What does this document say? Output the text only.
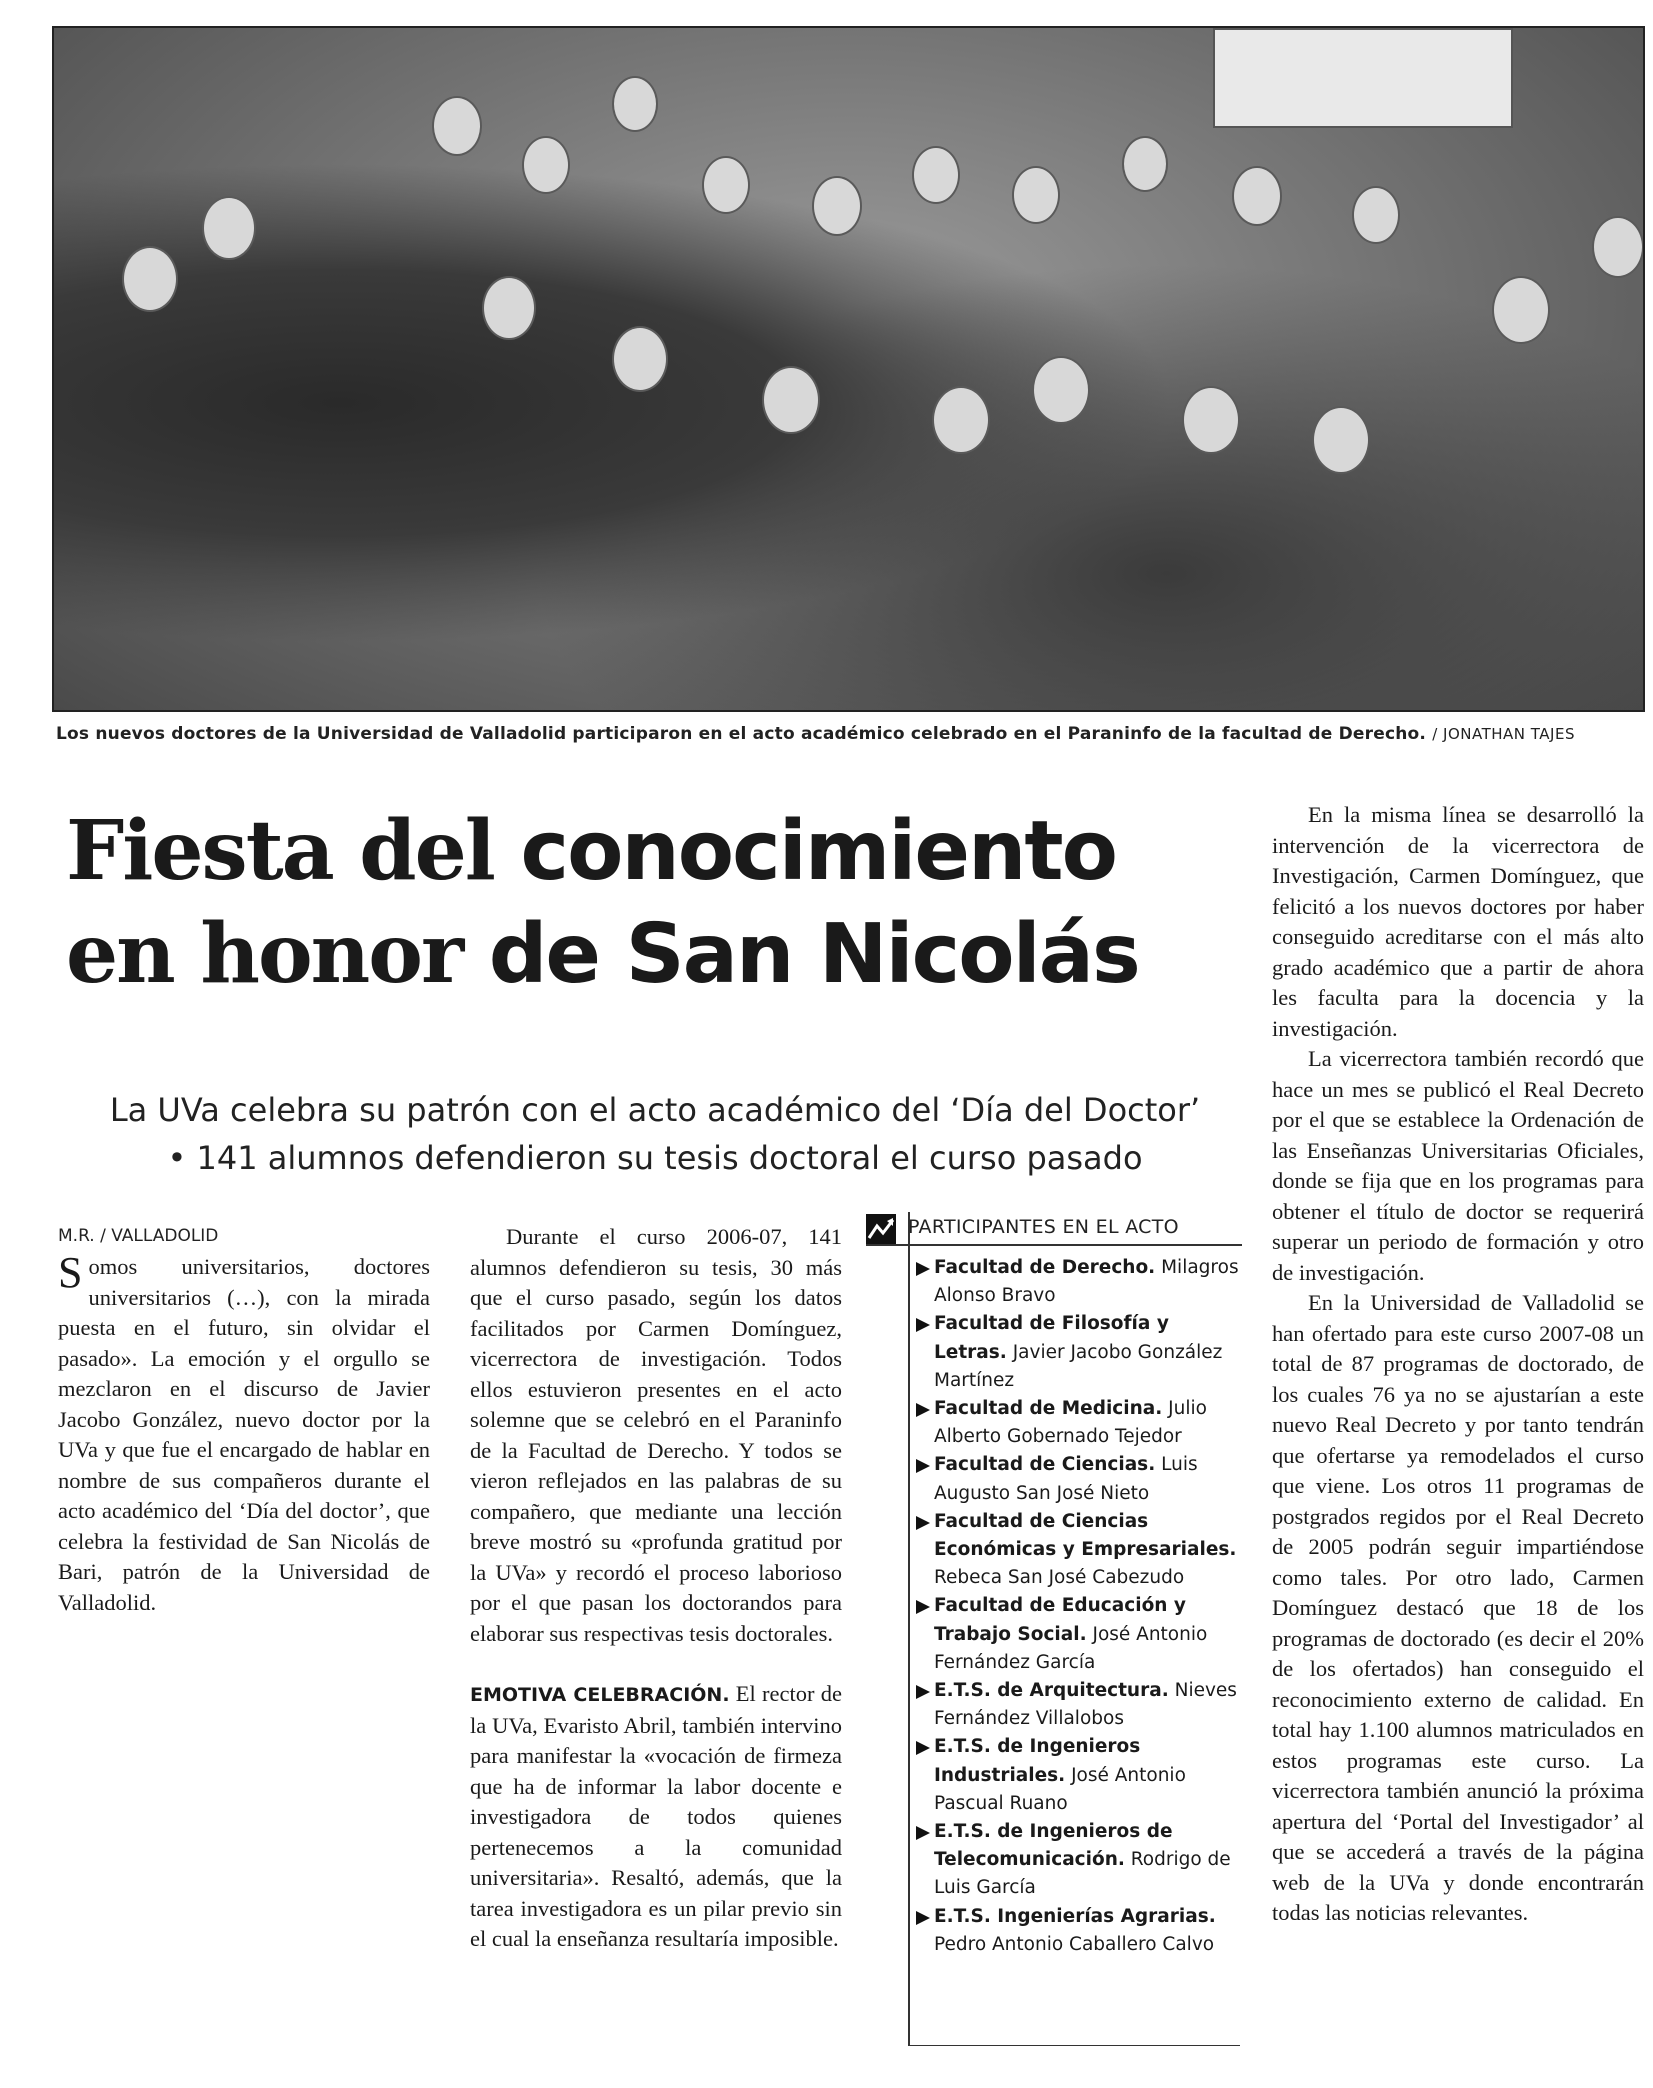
Los nuevos doctores de la Universidad de Valladolid participaron en el acto académico celebrado en el Paraninfo de la facultad de Derecho. / JONATHAN TAJES
Fiesta del conocimiento
en honor de San Nicolás
La UVa celebra su patrón con el acto académico del ‘Día del Doctor’
• 141 alumnos defendieron su tesis doctoral el curso pasado
M.R. / VALLADOLID

Somos universitarios, doctores universitarios (…), con la mirada puesta en el futuro, sin olvidar el pasado». La emoción y el orgullo se mezclaron en el discurso de Javier Jacobo González, nuevo doctor por la UVa y que fue el encargado de hablar en nombre de sus compañeros durante el acto académico del ‘Día del doctor’, que celebra la festividad de San Nicolás de Bari, patrón de la Universidad de Valladolid.

Durante el curso 2006-07, 141 alumnos defendieron su tesis, 30 más que el curso pasado, según los datos facilitados por Carmen Domínguez, vicerrectora de investigación. Todos ellos estuvieron presentes en el acto solemne que se celebró en el Paraninfo de la Facultad de Derecho. Y todos se vieron reflejados en las palabras de su compañero, que mediante una lección breve mostró su «profunda gratitud por la UVa» y recordó el proceso laborioso por el que pasan los doctorandos para elaborar sus respectivas tesis doctorales.

EMOTIVA CELEBRACIÓN. El rector de la UVa, Evaristo Abril, también intervino para manifestar la «vocación de firmeza que ha de informar la labor docente e investigadora de todos quienes pertenecemos a la comunidad universitaria». Resaltó, además, que la tarea investigadora es un pilar previo sin el cual la enseñanza resultaría imposible.

PARTICIPANTES EN EL ACTO
Facultad de Derecho. Milagros Alonso Bravo
Facultad de Filosofía y Letras. Javier Jacobo González Martínez
Facultad de Medicina. Julio Alberto Gobernado Tejedor
Facultad de Ciencias. Luis Augusto San José Nieto
Facultad de Ciencias Económicas y Empresariales. Rebeca San José Cabezudo
Facultad de Educación y Trabajo Social. José Antonio Fernández García
E.T.S. de Arquitectura. Nieves Fernández Villalobos
E.T.S. de Ingenieros Industriales. José Antonio Pascual Ruano
E.T.S. de Ingenieros de Telecomunicación. Rodrigo de Luis García
E.T.S. Ingenierías Agrarias. Pedro Antonio Caballero Calvo

En la misma línea se desarrolló la intervención de la vicerrectora de Investigación, Carmen Domínguez, que felicitó a los nuevos doctores por haber conseguido acreditarse con el más alto grado académico que a partir de ahora les faculta para la docencia y la investigación.

La vicerrectora también recordó que hace un mes se publicó el Real Decreto por el que se establece la Ordenación de las Enseñanzas Universitarias Oficiales, donde se fija que en los programas para obtener el título de doctor se requerirá superar un periodo de formación y otro de investigación.

En la Universidad de Valladolid se han ofertado para este curso 2007-08 un total de 87 programas de doctorado, de los cuales 76 ya no se ajustarían a este nuevo Real Decreto y por tanto tendrán que ofertarse ya remodelados el curso que viene. Los otros 11 programas de postgrados regidos por el Real Decreto de 2005 podrán seguir impartiéndose como tales. Por otro lado, Carmen Domínguez destacó que 18 de los programas de doctorado (es decir el 20% de los ofertados) han conseguido el reconocimiento externo de calidad. En total hay 1.100 alumnos matriculados en estos programas este curso. La vicerrectora también anunció la próxima apertura del ‘Portal del Investigador’ al que se accederá a través de la página web de la UVa y donde encontrarán todas las noticias relevantes.
